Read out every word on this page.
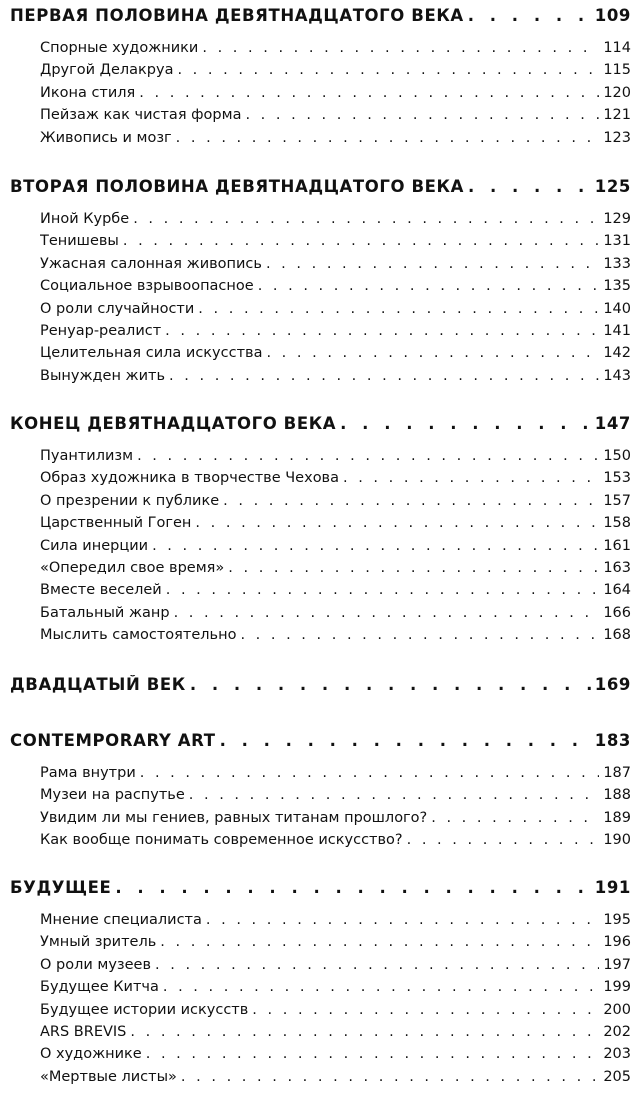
ПЕРВАЯ ПОЛОВИНА ДЕВЯТНАДЦАТОГО ВЕКА . . .	109
Спорные художники . . .	114
Другой Делакруа . . .	115
Икона стиля . . .	120
Пейзаж как чистая форма . . .	121
Живопись и мозг . . .	123
ВТОРАЯ ПОЛОВИНА ДЕВЯТНАДЦАТОГО ВЕКА . . .	125
Иной Курбе . . .	129
Тенишевы . . .	131
Ужасная салонная живопись . . .	133
Социальное взрывоопасное . . .	135
О роли случайности . . .	140
Ренуар-реалист . . .	141
Целительная сила искусства . . .	142
Вынужден жить . . .	143
КОНЕЦ ДЕВЯТНАДЦАТОГО ВЕКА . . .	147
Пуантилизм . . .	150
Образ художника в творчестве Чехова . . .	153
О презрении к публике . . .	157
Царственный Гоген . . .	158
Сила инерции . . .	161
«Опередил свое время» . . .	163
Вместе веселей . . .	164
Батальный жанр . . .	166
Мыслить самостоятельно . . .	168
ДВАДЦАТЫЙ ВЕК . . .	169
CONTEMPORARY ART . . .	183
Рама внутри . . .	187
Музеи на распутье . . .	188
Увидим ли мы гениев, равных титанам прошлого? . . .	189
Как вообще понимать современное искусство? . . .	190
БУДУЩЕЕ . . .	191
Мнение специалиста . . .	195
Умный зритель . . .	196
О роли музеев . . .	197
Будущее Китча . . .	199
Будущее истории искусств . . .	200
ARS BREVIS . . .	202
О художнике . . .	203
«Мертвые листы» . . .	205
